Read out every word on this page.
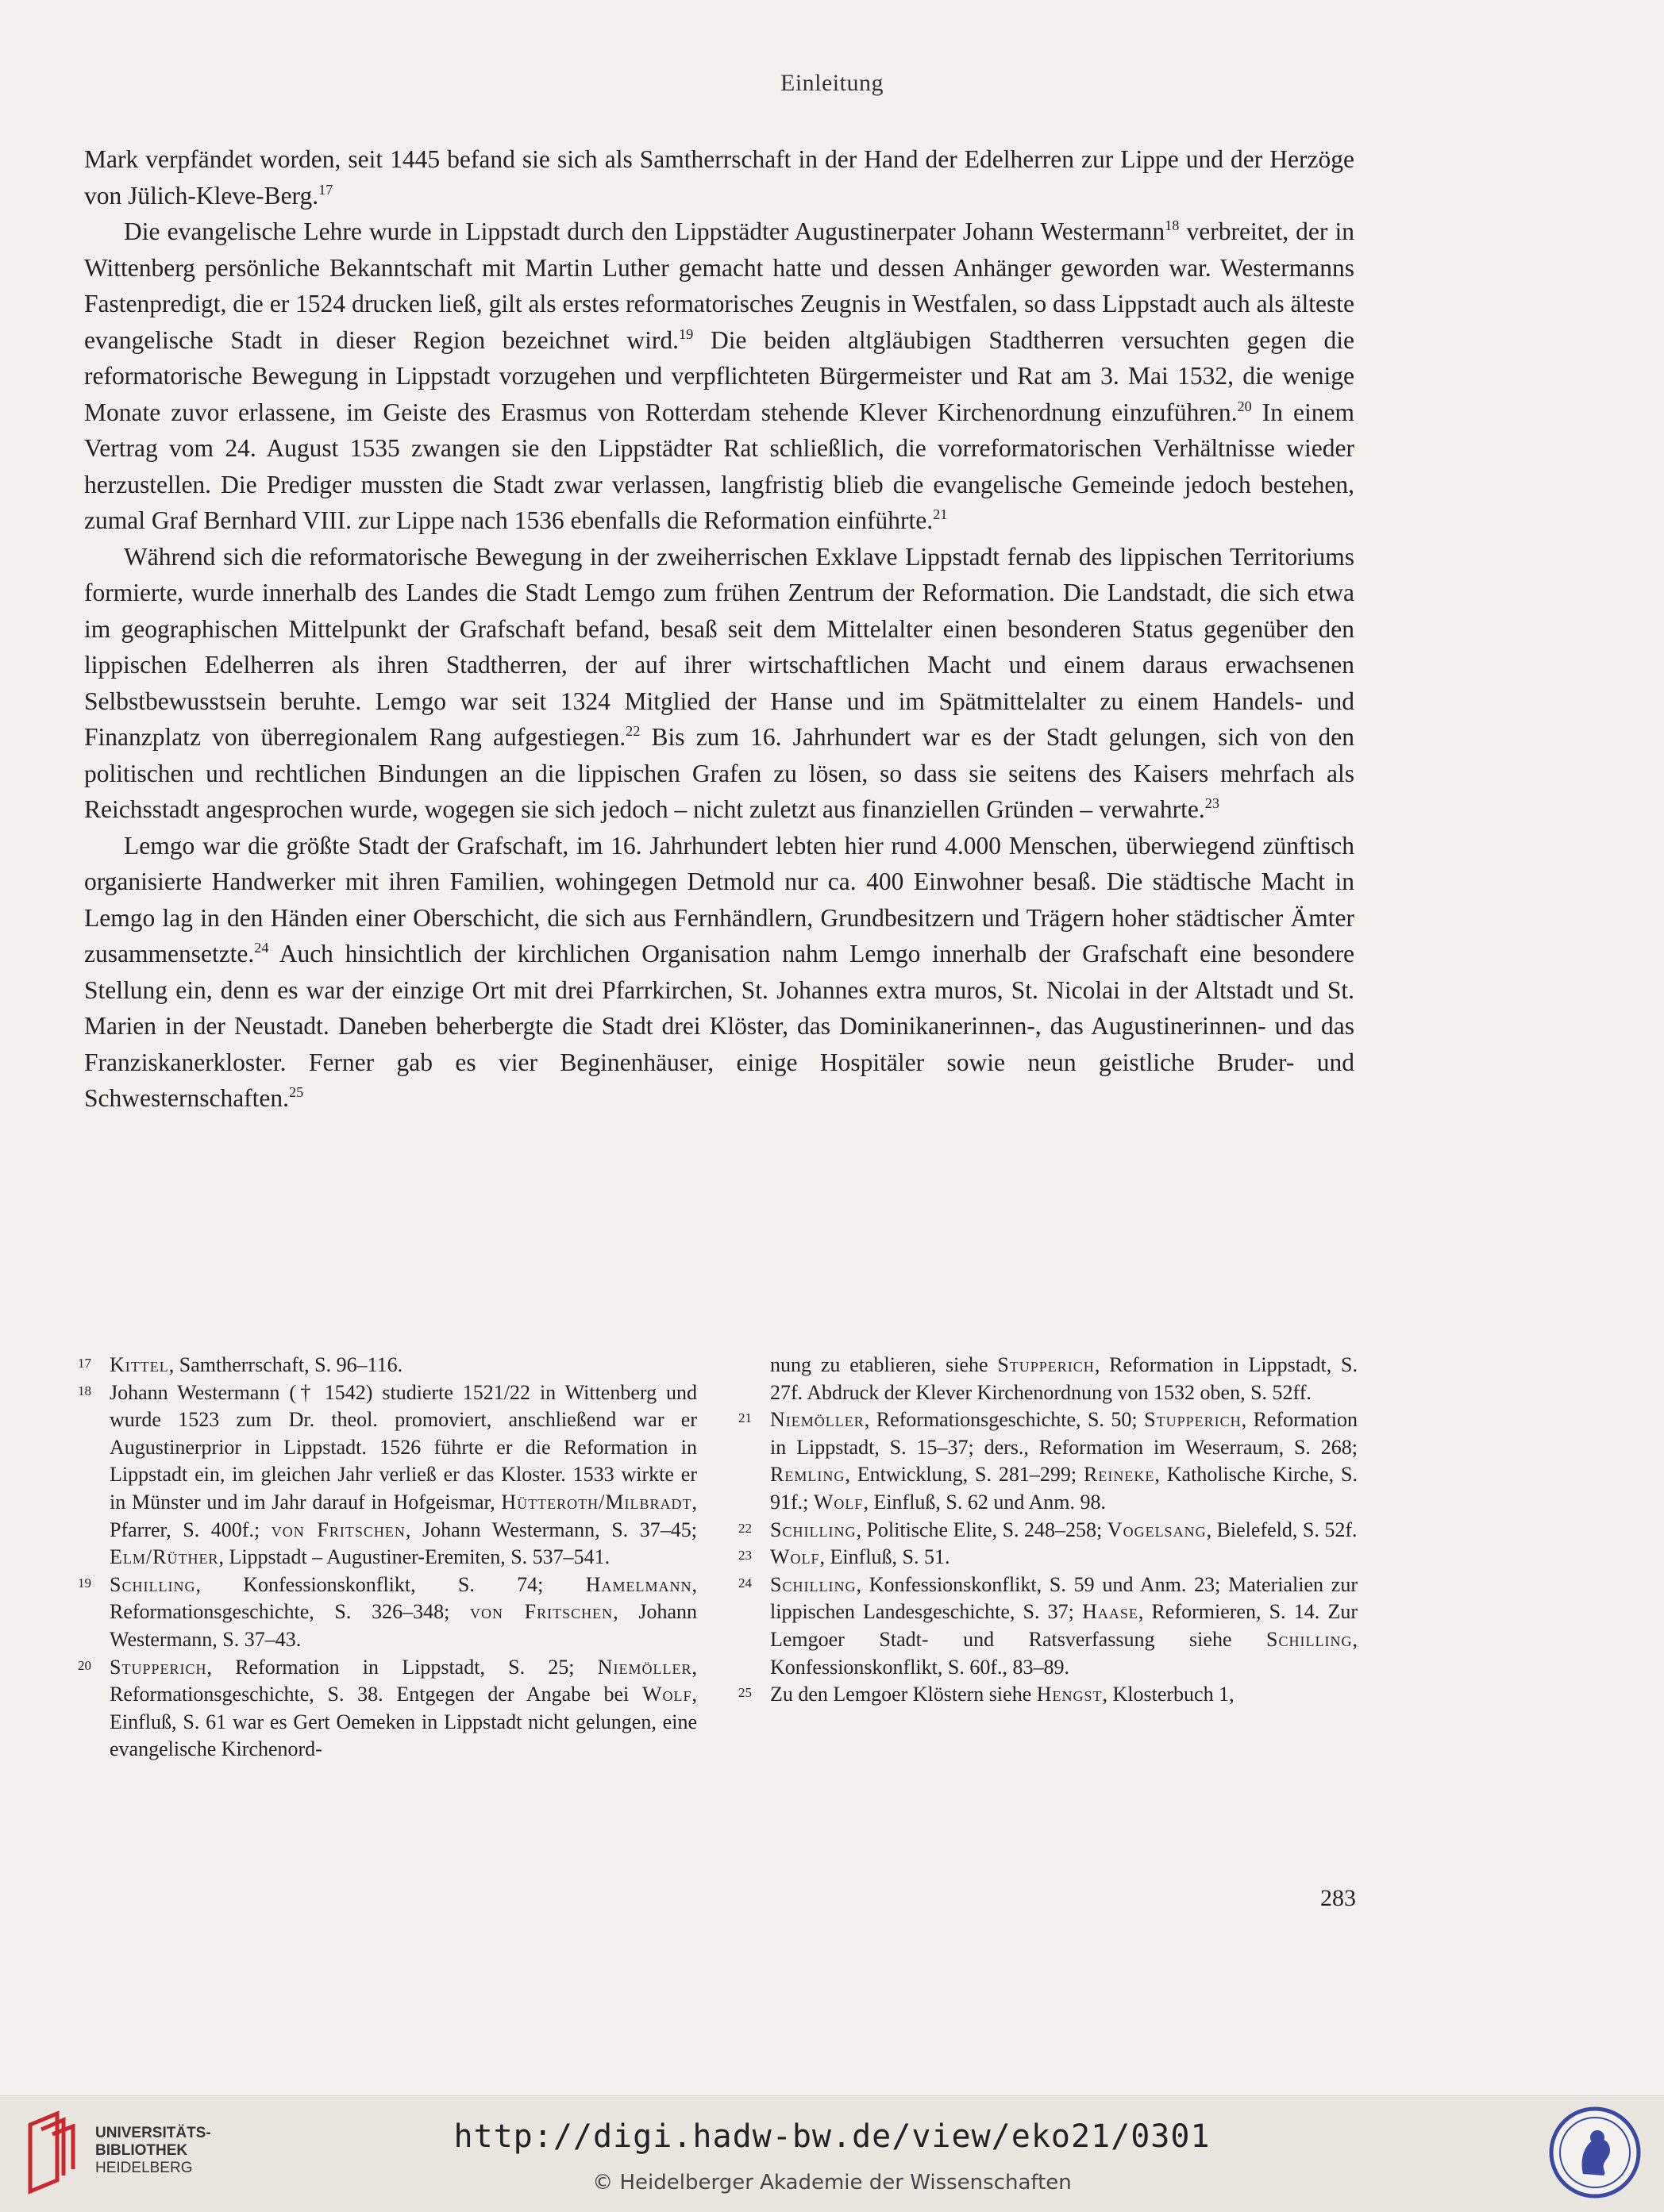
Einleitung

Mark verpfändet worden, seit 1445 befand sie sich als Samtherrschaft in der Hand der Edelherren zur Lippe und der Herzöge von Jülich-Kleve-Berg.$^{17}$

Die evangelische Lehre wurde in Lippstadt durch den Lippstädter Augustinerpater Johann Westermann$^{18}$ verbreitet, der in Wittenberg persönliche Bekanntschaft mit Martin Luther gemacht hatte und dessen Anhänger geworden war. Westermanns Fastenpredigt, die er 1524 drucken ließ, gilt als erstes reformatorisches Zeugnis in Westfalen, so dass Lippstadt auch als älteste evangelische Stadt in dieser Region bezeichnet wird.$^{19}$ Die beiden altgläubigen Stadtherren versuchten gegen die reformatorische Bewegung in Lippstadt vorzugehen und verpflichteten Bürgermeister und Rat am 3. Mai 1532, die wenige Monate zuvor erlassene, im Geiste des Erasmus von Rotterdam stehende Klever Kirchenordnung einzuführen.$^{20}$ In einem Vertrag vom 24. August 1535 zwangen sie den Lippstädter Rat schließlich, die vorreformatorischen Verhältnisse wieder herzustellen. Die Prediger mussten die Stadt zwar verlassen, langfristig blieb die evangelische Gemeinde jedoch bestehen, zumal Graf Bernhard VIII. zur Lippe nach 1536 ebenfalls die Reformation einführte.$^{21}$

Während sich die reformatorische Bewegung in der zweiherrischen Exklave Lippstadt fernab des lippischen Territoriums formierte, wurde innerhalb des Landes die Stadt Lemgo zum frühen Zentrum der Reformation. Die Landstadt, die sich etwa im geographischen Mittelpunkt der Grafschaft befand, besaß seit dem Mittelalter einen besonderen Status gegenüber den lippischen Edelherren als ihren Stadtherren, der auf ihrer wirtschaftlichen Macht und einem daraus erwachsenen Selbstbewusstsein beruhte. Lemgo war seit 1324 Mitglied der Hanse und im Spätmittelalter zu einem Handels- und Finanzplatz von überregionalem Rang aufgestiegen.$^{22}$ Bis zum 16. Jahrhundert war es der Stadt gelungen, sich von den politischen und rechtlichen Bindungen an die lippischen Grafen zu lösen, so dass sie seitens des Kaisers mehrfach als Reichsstadt angesprochen wurde, wogegen sie sich jedoch – nicht zuletzt aus finanziellen Gründen – verwahrte.$^{23}$

Lemgo war die größte Stadt der Grafschaft, im 16. Jahrhundert lebten hier rund 4.000 Menschen, überwiegend zünftisch organisierte Handwerker mit ihren Familien, wohingegen Detmold nur ca. 400 Einwohner besaß. Die städtische Macht in Lemgo lag in den Händen einer Oberschicht, die sich aus Fernhändlern, Grundbesitzern und Trägern hoher städtischer Ämter zusammensetzte.$^{24}$ Auch hinsichtlich der kirchlichen Organisation nahm Lemgo innerhalb der Grafschaft eine besondere Stellung ein, denn es war der einzige Ort mit drei Pfarrkirchen, St. Johannes extra muros, St. Nicolai in der Altstadt und St. Marien in der Neustadt. Daneben beherbergte die Stadt drei Klöster, das Dominikanerinnen-, das Augustinerinnen- und das Franziskanerkloster. Ferner gab es vier Beginenhäuser, einige Hospitäler sowie neun geistliche Bruder- und Schwesternschaften.$^{25}$

17 Kittel, Samtherrschaft, S. 96–116.
18 Johann Westermann († 1542) studierte 1521/22 in Wittenberg und wurde 1523 zum Dr. theol. promoviert, anschließend war er Augustinerprior in Lippstadt. 1526 führte er die Reformation in Lippstadt ein, im gleichen Jahr verließ er das Kloster. 1533 wirkte er in Münster und im Jahr darauf in Hofgeismar, Hütteroth/Milbradt, Pfarrer, S. 400f.; von Fritschen, Johann Westermann, S. 37–45; Elm/Rüther, Lippstadt – Augustiner-Eremiten, S. 537–541.
19 Schilling, Konfessionskonflikt, S. 74; Hamelmann, Reformationsgeschichte, S. 326–348; von Fritschen, Johann Westermann, S. 37–43.
20 Stupperich, Reformation in Lippstadt, S. 25; Niemöller, Reformationsgeschichte, S. 38. Entgegen der Angabe bei Wolf, Einfluß, S. 61 war es Gert Oemeken in Lippstadt nicht gelungen, eine evangelische Kirchenord-
nung zu etablieren, siehe Stupperich, Reformation in Lippstadt, S. 27f. Abdruck der Klever Kirchenordnung von 1532 oben, S. 52ff.
21 Niemöller, Reformationsgeschichte, S. 50; Stupperich, Reformation in Lippstadt, S. 15–37; ders., Reformation im Weserraum, S. 268; Remling, Entwicklung, S. 281–299; Reineke, Katholische Kirche, S. 91f.; Wolf, Einfluß, S. 62 und Anm. 98.
22 Schilling, Politische Elite, S. 248–258; Vogelsang, Bielefeld, S. 52f.
23 Wolf, Einfluß, S. 51.
24 Schilling, Konfessionskonflikt, S. 59 und Anm. 23; Materialien zur lippischen Landesgeschichte, S. 37; Haase, Reformieren, S. 14. Zur Lemgoer Stadt- und Ratsverfassung siehe Schilling, Konfessionskonflikt, S. 60f., 83–89.
25 Zu den Lemgoer Klöstern siehe Hengst, Klosterbuch 1,
283
UNIVERSITÄTS-
BIBLIOTHEK
HEIDELBERG
http://digi.hadw-bw.de/view/eko21/0301
© Heidelberger Akademie der Wissenschaften
